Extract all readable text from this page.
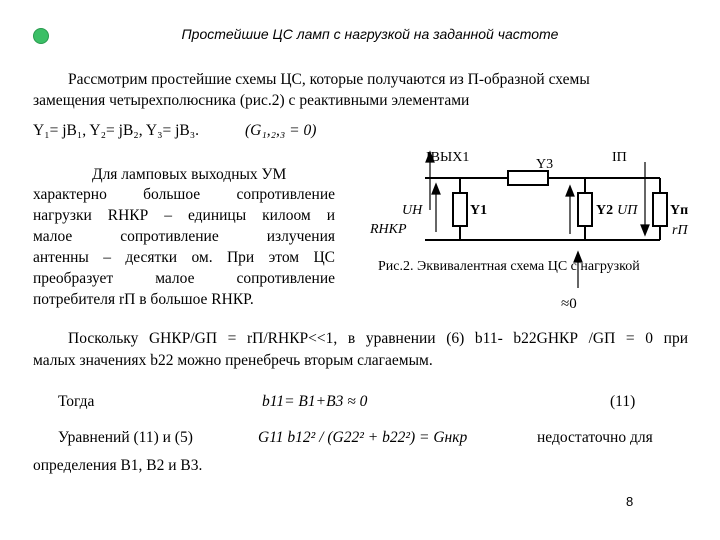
Простейшие ЦС ламп с нагрузкой на заданной частоте
Рассмотрим простейшие схемы ЦС, которые получаются из П-образной схемы
замещения четырехполюсника (рис.2) с реактивными элементами
Y₁= jB₁, Y₂= jB₂, Y₃= jB₃.	(G₁,₂,₃ = 0)
Для ламповых выходных УМ
характерно большое сопротивление
нагрузки RНКР – единицы килоом и
малое сопротивление излучения
антенны – десятки ом. При этом ЦС
преобразует малое сопротивление
потребителя rП в большое RНКР.
IВЫХ1	IП
Y3
UН	Y1	Y2 UП Yп
rП
RНКР
Рис.2. Эквивалентная схема ЦС с нагрузкой
≈0
Поскольку GНКР/GП = rП/RНКР<<1, в уравнении (6) b11- b22GНКР /GП = 0 при
малых значениях b22 можно пренебречь вторым слагаемым.
Тогда	b11= B1+B3 ≈ 0	(11)
Уравнений (11) и (5)	G11 b12² / (G22² + b22²) = Gнкр	недостаточно для
определения B1, B2 и B3.
8
